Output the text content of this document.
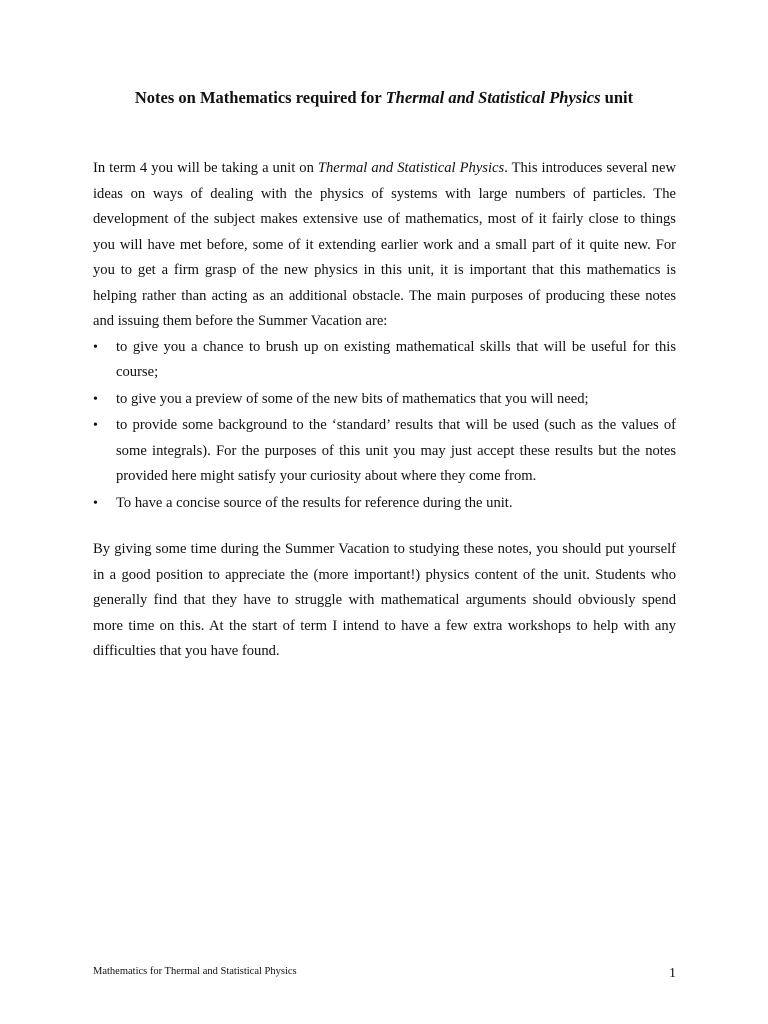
Notes on Mathematics required for Thermal and Statistical Physics unit
In term 4 you will be taking a unit on Thermal and Statistical Physics. This introduces several new ideas on ways of dealing with the physics of systems with large numbers of particles. The development of the subject makes extensive use of mathematics, most of it fairly close to things you will have met before, some of it extending earlier work and a small part of it quite new. For you to get a firm grasp of the new physics in this unit, it is important that this mathematics is helping rather than acting as an additional obstacle. The main purposes of producing these notes and issuing them before the Summer Vacation are:
• to give you a chance to brush up on existing mathematical skills that will be useful for this course;
• to give you a preview of some of the new bits of mathematics that you will need;
• to provide some background to the ‘standard’ results that will be used (such as the values of some integrals). For the purposes of this unit you may just accept these results but the notes provided here might satisfy your curiosity about where they come from.
• To have a concise source of the results for reference during the unit.
By giving some time during the Summer Vacation to studying these notes, you should put yourself in a good position to appreciate the (more important!) physics content of the unit. Students who generally find that they have to struggle with mathematical arguments should obviously spend more time on this. At the start of term I intend to have a few extra workshops to help with any difficulties that you have found.
Mathematics for Thermal and Statistical Physics	1
